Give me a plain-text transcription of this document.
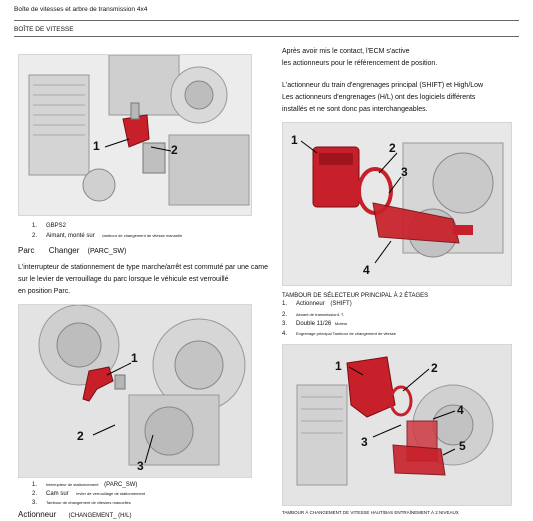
Boîte de vitesses et arbre de transmission 4x4
BOÎTE DE VITESSE
1	2
1. GBPS2
2. Aimant, monté sur tambour de changement de vitesse manuelle
Parc Changer (PARC_SW)
L'interrupteur de stationnement de type marche/arrêt est commuté par une came
sur le levier de verrouillage du parc lorsque le véhicule est verrouillé
en position Parc.
1
2
3
1. Interrupteur de stationnement (PARC_SW)
2. Cam sur levier de verrouillage de stationnement
3. Tambour de changement de vitesses manuelles
Actionneur (CHANGEMENT_ (H/L)
Après avoir mis le contact, l'ECM s'active
les actionneurs pour le référencement de position.
L'actionneur du train d'engrenages principal (SHIFT) et High/Low
Les actionneurs d'engrenages (H/L) ont des logiciels différents
installés et ne sont donc pas interchangeables.
1
2
3
4
TAMBOUR DE SÉLECTEUR PRINCIPAL À 2 ÉTAGES
1. Actionneur (SHIFT)
2. Aimant de transmission1 T.
3. Double 11/26 Moteur
4. Engrenage principal Tambour de changement de vitesse
1	2
3
4
5
TAMBOUR À CHANGEMENT DE VITESSE HAUT/BAS ENTRAÎNEMENT À 2 NIVEAUX
